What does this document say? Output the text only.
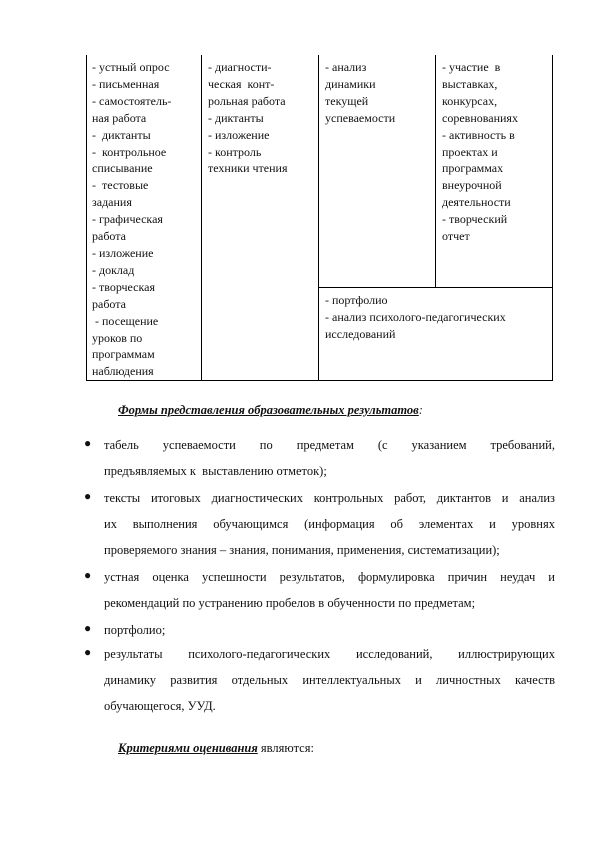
- устный опрос
- письменная
- самостоятель-
ная работа
-  диктанты
-  контрольное
списывание
-  тестовые
задания
- графическая
работа
- изложение
- доклад
- творческая
работа
- посещение
уроков по
программам
наблюдения
- диагности-
ческая  конт-
рольная работа
- диктанты
- изложение
- контроль
техники чтения
- анализ
динамики
текущей
успеваемости
- участие  в
выставках,
конкурсах,
соревнованиях
- активность в
проектах и
программах
внеурочной
деятельности
- творческий
отчет
- портфолио
- анализ психолого-педагогических
исследований
Формы представления образовательных результатов:
● табель   успеваемости   по   предметам   (с   указанием   требований,
предъявляемых к  выставлению отметок);
● тексты итоговых диагностических контрольных работ, диктантов и анализ
их  выполнения  обучающимся  (информация  об  элементах  и  уровнях
проверяемого знания – знания, понимания, применения, систематизации);
● устная  оценка  успешности  результатов,  формулировка  причин  неудач  и
рекомендаций по устранению пробелов в обученности по предметам;
● портфолио;
● результаты    психолого-педагогических    исследований,    иллюстрирующих
динамику  развития  отдельных  интеллектуальных  и  личностных  качеств
обучающегося, УУД.
Критериями оценивания являются:
